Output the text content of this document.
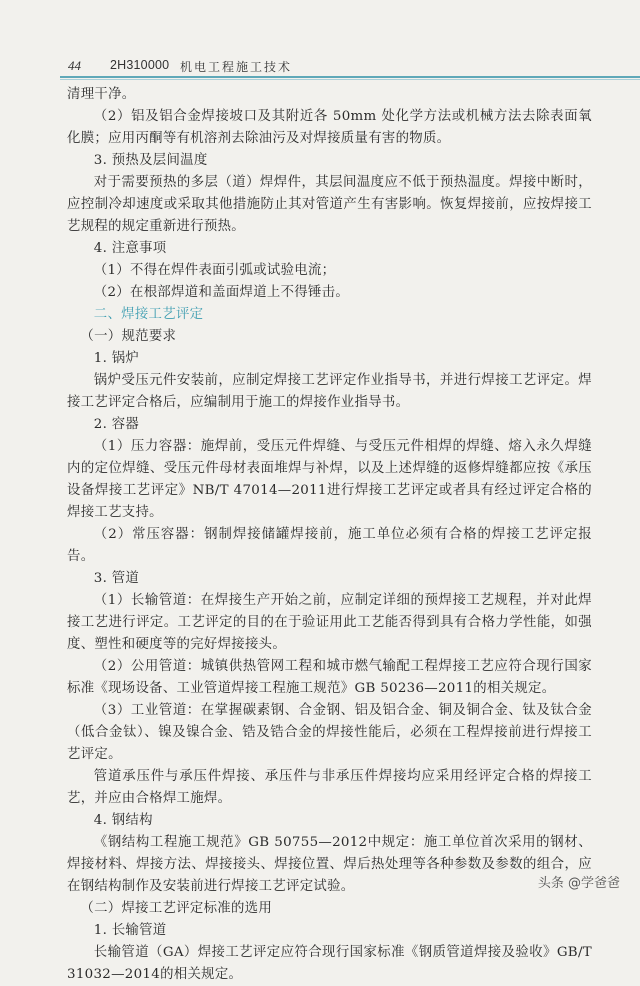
44 2H310000 机电工程施工技术

清理干净。

（2）铝及铝合金焊接坡口及其附近各 50mm 处化学方法或机械方法去除表面氧化膜；应用丙酮等有机溶剂去除油污及对焊接质量有害的物质。

3. 预热及层间温度

对于需要预热的多层（道）焊焊件，其层间温度应不低于预热温度。焊接中断时，应控制冷却速度或采取其他措施防止其对管道产生有害影响。恢复焊接前，应按焊接工艺规程的规定重新进行预热。

4. 注意事项

（1）不得在焊件表面引弧或试验电流；

（2）在根部焊道和盖面焊道上不得锤击。

二、焊接工艺评定

（一）规范要求

1. 锅炉

锅炉受压元件安装前，应制定焊接工艺评定作业指导书，并进行焊接工艺评定。焊接工艺评定合格后，应编制用于施工的焊接作业指导书。

2. 容器

（1）压力容器：施焊前，受压元件焊缝、与受压元件相焊的焊缝、熔入永久焊缝内的定位焊缝、受压元件母材表面堆焊与补焊，以及上述焊缝的返修焊缝都应按《承压设备焊接工艺评定》NB/T 47014—2011进行焊接工艺评定或者具有经过评定合格的焊接工艺支持。

（2）常压容器：钢制焊接储罐焊接前，施工单位必须有合格的焊接工艺评定报告。

3. 管道

（1）长输管道：在焊接生产开始之前，应制定详细的预焊接工艺规程，并对此焊接工艺进行评定。工艺评定的目的在于验证用此工艺能否得到具有合格力学性能，如强度、塑性和硬度等的完好焊接接头。

（2）公用管道：城镇供热管网工程和城市燃气输配工程焊接工艺应符合现行国家标准《现场设备、工业管道焊接工程施工规范》GB 50236—2011的相关规定。

（3）工业管道：在掌握碳素钢、合金钢、铝及铝合金、铜及铜合金、钛及钛合金（低合金钛）、镍及镍合金、锆及锆合金的焊接性能后，必须在工程焊接前进行焊接工艺评定。

管道承压件与承压件焊接、承压件与非承压件焊接均应采用经评定合格的焊接工艺，并应由合格焊工施焊。

4. 钢结构

《钢结构工程施工规范》GB 50755—2012中规定：施工单位首次采用的钢材、焊接材料、焊接方法、焊接接头、焊接位置、焊后热处理等各种参数及参数的组合，应在钢结构制作及安装前进行焊接工艺评定试验。

（二）焊接工艺评定标准的选用

1. 长输管道

长输管道（GA）焊接工艺评定应符合现行国家标准《钢质管道焊接及验收》GB/T 31032—2014的相关规定。

头条 @学爸爸
